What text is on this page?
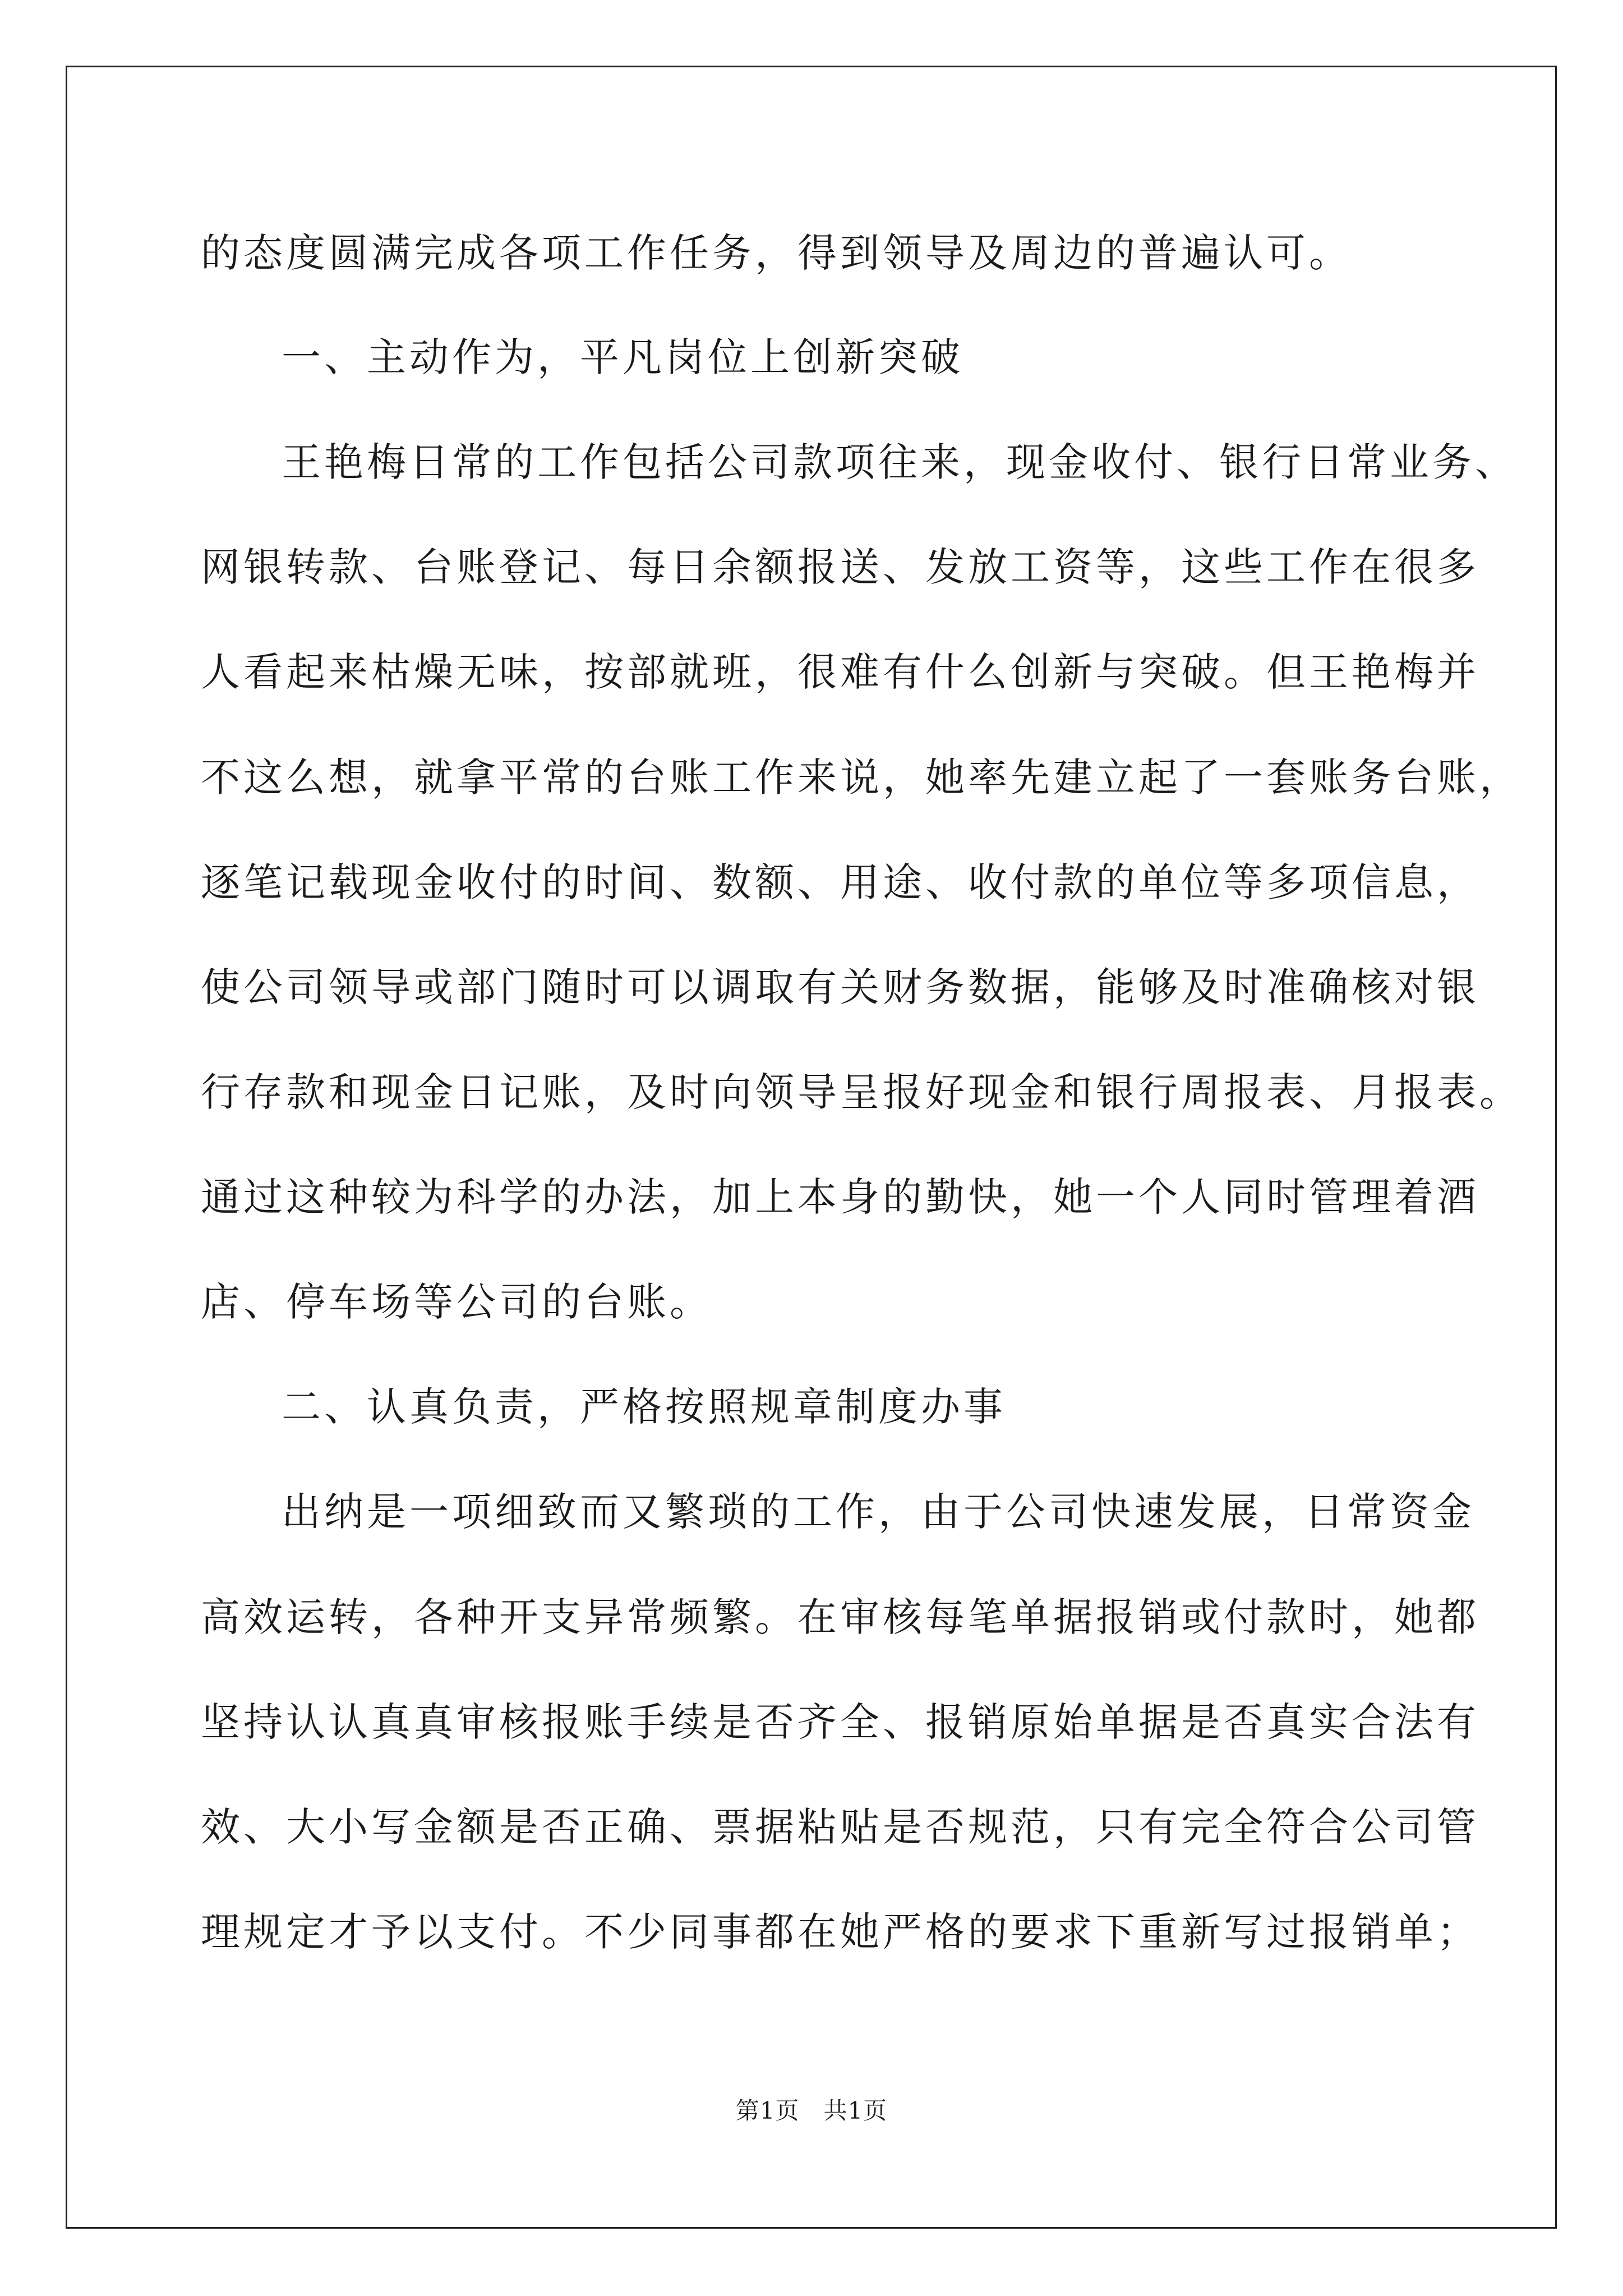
的态度圆满完成各项工作任务，得到领导及周边的普遍认可。
一、主动作为，平凡岗位上创新突破
王艳梅日常的工作包括公司款项往来，现金收付、银行日常业务、
网银转款、台账登记、每日余额报送、发放工资等，这些工作在很多
人看起来枯燥无味，按部就班，很难有什么创新与突破。但王艳梅并
不这么想，就拿平常的台账工作来说，她率先建立起了一套账务台账，
逐笔记载现金收付的时间、数额、用途、收付款的单位等多项信息，
使公司领导或部门随时可以调取有关财务数据，能够及时准确核对银
行存款和现金日记账，及时向领导呈报好现金和银行周报表、月报表。
通过这种较为科学的办法，加上本身的勤快，她一个人同时管理着酒
店、停车场等公司的台账。
二、认真负责，严格按照规章制度办事
出纳是一项细致而又繁琐的工作，由于公司快速发展，日常资金
高效运转，各种开支异常频繁。在审核每笔单据报销或付款时，她都
坚持认认真真审核报账手续是否齐全、报销原始单据是否真实合法有
效、大小写金额是否正确、票据粘贴是否规范，只有完全符合公司管
理规定才予以支付。不少同事都在她严格的要求下重新写过报销单；
第1页　共1页
